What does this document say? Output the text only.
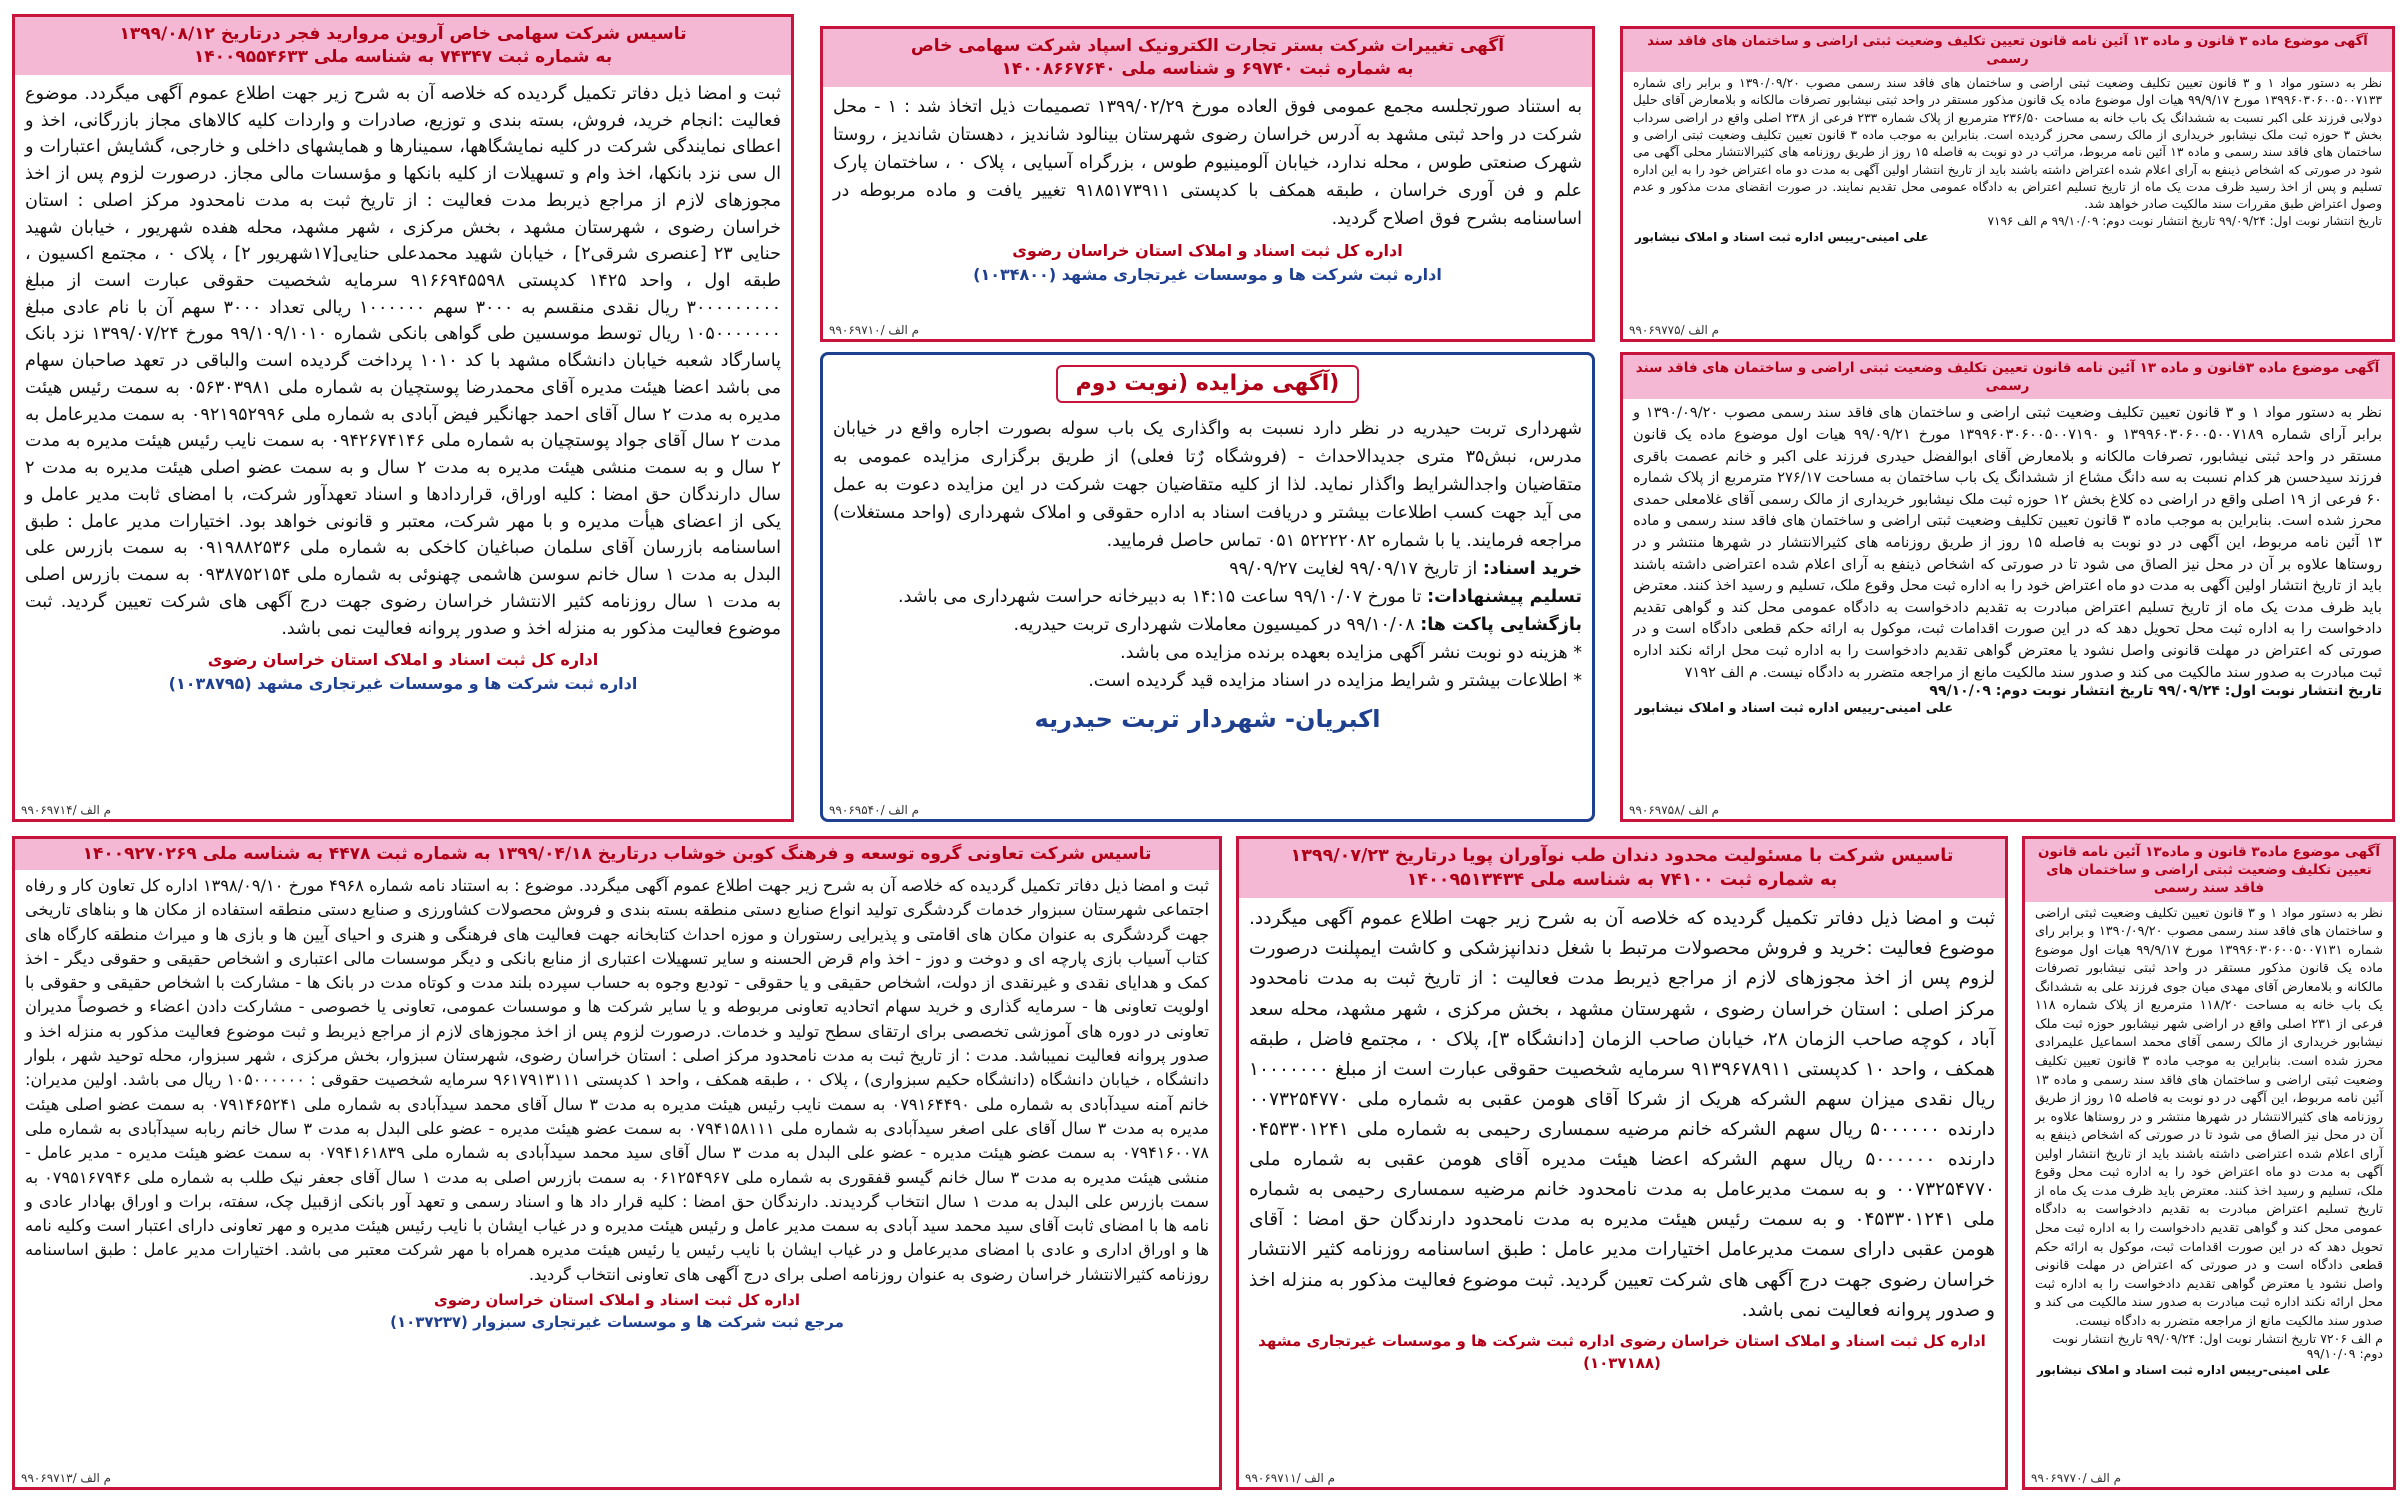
تاسیس شرکت سهامی خاص آروین مرواريد فجر درتاريخ ۱۳۹۹/۰۸/۱۲
به شماره ثبت ۷۴۳۴۷ به شناسه ملی ۱۴۰۰۹۵۵۴۶۳۳

ثبت و امضا ذیل دفاتر تکمیل گردیده که خلاصه آن به شرح زیر جهت اطلاع عموم آگهی میگردد. موضوع فعالیت :انجام خرید، فروش، بسته بندی و توزیع، صادرات و واردات کلیه کالاهای مجاز بازرگانی، اخذ و اعطای نمایندگی شرکت در کلیه نمایشگاهها، سمینارها و همایشهای داخلی و خارجی، گشایش اعتبارات و ال سی نزد بانکها، اخذ وام و تسهیلات از کلیه بانکها و مؤسسات مالی مجاز. درصورت لزوم پس از اخذ مجوزهای لازم از مراجع ذیربط مدت فعالیت : از تاریخ ثبت به مدت نامحدود مرکز اصلی : استان خراسان رضوی ، شهرستان مشهد ، بخش مرکزی ، شهر مشهد، محله هفده شهریور ، خیابان شهید حنایی ۲۳ [عنصری شرقی۲] ، خیابان شهید محمدعلی حنایی[۱۷شهریور ۲] ، پلاک ۰ ، مجتمع اکسیون ، طبقه اول ، واحد ۱۴۲۵ کدپستی ۹۱۶۶۹۴۵۵۹۸ سرمایه شخصیت حقوقی عبارت است از مبلغ ۳۰۰۰۰۰۰۰۰۰ ریال نقدی منقسم به ۳۰۰۰ سهم ۱۰۰۰۰۰۰ ریالی تعداد ۳۰۰۰ سهم آن با نام عادی مبلغ ۱۰۵۰۰۰۰۰۰۰ ریال توسط موسسین طی گواهی بانکی شماره ۹۹/۱۰۹/۱۰۱۰ مورخ ۱۳۹۹/۰۷/۲۴ نزد بانک پاسارگاد شعبه خیابان دانشگاه مشهد با کد ۱۰۱۰ پرداخت گردیده است والباقی در تعهد صاحبان سهام می باشد اعضا هیئت مدیره آقای محمدرضا پوستچیان به شماره ملی ۰۵۶۳۰۳۹۸۱ به سمت رئیس هیئت مدیره به مدت ۲ سال آقای احمد جهانگیر فیض آبادی به شماره ملی ۰۹۲۱۹۵۲۹۹۶ به سمت مدیرعامل به مدت ۲ سال آقای جواد پوستچیان به شماره ملی ۰۹۴۲۶۷۴۱۴۶ به سمت نایب رئیس هیئت مدیره به مدت ۲ سال و به سمت منشی هیئت مدیره به مدت ۲ سال و به سمت عضو اصلی هیئت مدیره به مدت ۲ سال دارندگان حق امضا : کلیه اوراق، قراردادها و اسناد تعهدآور شرکت، با امضای ثابت مدیر عامل و یکی از اعضای هیأت مدیره و با مهر شرکت، معتبر و قانونی خواهد بود. اختیارات مدیر عامل : طبق اساسنامه بازرسان آقای سلمان صباغیان کاخکی به شماره ملی ۰۹۱۹۸۸۲۵۳۶ به سمت بازرس علی البدل به مدت ۱ سال خانم سوسن هاشمی چهنوئی به شماره ملی ۰۹۳۸۷۵۲۱۵۴ به سمت بازرس اصلی به مدت ۱ سال روزنامه کثیر الانتشار خراسان رضوی جهت درج آگهی های شرکت تعیین گردید. ثبت موضوع فعالیت مذکور به منزله اخذ و صدور پروانه فعالیت نمی باشد.

اداره کل ثبت اسناد و املاک استان خراسان رضوی
اداره ثبت شرکت ها و موسسات غیرتجاری مشهد (۱۰۳۸۷۹۵)
۹۹۰۶۹۷۱۴/ م الف
آگهی تغییرات شرکت بستر تجارت الکترونیک اسپاد شرکت سهامی خاص
به شماره ثبت ۶۹۷۴۰ و شناسه ملی ۱۴۰۰۸۶۶۷۶۴۰

به استناد صورتجلسه مجمع عمومی فوق العاده مورخ ۱۳۹۹/۰۲/۲۹ تصمیمات ذیل اتخاذ شد : ۱ - محل شرکت در واحد ثبتی مشهد به آدرس خراسان رضوی شهرستان بینالود شاندیز ، دهستان شاندیز ، روستا شهرک صنعتی طوس ، محله ندارد، خیابان آلومینیوم طوس ، بزرگراه آسیایی ، پلاک ۰ ، ساختمان پارک علم و فن آوری خراسان ، طبقه همکف با کدپستی ۹۱۸۵۱۷۳۹۱۱ تغییر یافت و ماده مربوطه در اساسنامه بشرح فوق اصلاح گردید.

اداره کل ثبت اسناد و املاک استان خراسان رضوی
اداره ثبت شرکت ها و موسسات غیرتجاری مشهد (۱۰۳۴۸۰۰)
۹۹۰۶۹۷۱۰/ م الف
(آگهی مزایده (نوبت دوم

شهرداری تربت حیدریه در نظر دارد نسبت به واگذاری یک باب سوله بصورت اجاره واقع در خیابان مدرس، نبش۳۵ متری جدیدالاحداث - (فروشگاه رٌتا فعلی) از طریق برگزاری مزایده عمومی به متقاضیان واجدالشرایط واگذار نماید. لذا از کلیه متقاضیان جهت شرکت در این مزایده دعوت به عمل می آید جهت کسب اطلاعات بیشتر و دریافت اسناد به اداره حقوقی و املاک شهرداری (واحد مستغلات) مراجعه فرمایند. یا با شماره ۵۲۲۲۲۰۸۲ ۰۵۱ تماس حاصل فرمایید.

خرید اسناد: از تاریخ ۹۹/۰۹/۱۷ لغایت ۹۹/۰۹/۲۷

تسلیم پیشنهادات: تا مورخ ۹۹/۱۰/۰۷ ساعت ۱۴:۱۵ به دبیرخانه حراست شهرداری می باشد.

بازگشایی پاکت ها: ۹۹/۱۰/۰۸ در کمیسیون معاملات شهرداری تربت حیدریه.

* هزینه دو نوبت نشر آگهی مزایده بعهده برنده مزایده می باشد.

* اطلاعات بیشتر و شرایط مزایده در اسناد مزایده قید گردیده است.

اکبریان- شهردار تربت حیدریه
۹۹۰۶۹۵۴۰/ م الف
آگهی موضوع ماده ۳ قانون و ماده ۱۳ آئین نامه قانون تعیین تکلیف وضعیت ثبتی اراضی و ساختمان های فاقد سند رسمی

نظر به دستور مواد ۱ و ۳ قانون تعیین تکلیف وضعیت ثبتی اراضی و ساختمان های فاقد سند رسمی مصوب ۱۳۹۰/۰۹/۲۰ و برابر رای شماره ۱۳۹۹۶۰۳۰۶۰۰۵۰۰۷۱۳۳ مورخ ۹۹/۹/۱۷ هیات اول موضوع ماده یک قانون مذکور مستقر در واحد ثبتی نیشابور تصرفات مالکانه و بلامعارض آقای حلیل دولابی فرزند علی اکبر نسبت به ششدانگ یک باب خانه به مساحت ۲۳۶/۵۰ مترمربع از پلاک شماره ۲۳۳ فرعی از ۲۳۸ اصلی واقع در اراضی سرداب بخش ۳ حوزه ثبت ملک نیشابور خریداری از مالک رسمی محرز گردیده است. بنابراین به موجب ماده ۳ قانون تعیین تکلیف وضعیت ثبتی اراضی و ساختمان های فاقد سند رسمی و ماده ۱۳ آئین نامه مربوط، مراتب در دو نوبت به فاصله ۱۵ روز از طریق روزنامه های کثیرالانتشار محلی آگهی می شود در صورتی که اشخاص ذینفع به آرای اعلام شده اعتراض داشته باشند باید از تاریخ انتشار اولین آگهی به مدت دو ماه اعتراض خود را به این اداره تسلیم و پس از اخذ رسید ظرف مدت یک ماه از تاریخ تسلیم اعتراض به دادگاه عمومی محل تقدیم نمایند. در صورت انقضای مدت مذکور و عدم وصول اعتراض طبق مقررات سند مالکیت صادر خواهد شد.

تاریخ انتشار نوبت اول: ۹۹/۰۹/۲۴ تاریخ انتشار نوبت دوم: ۹۹/۱۰/۰۹ م الف ۷۱۹۶
علی امینی-رییس اداره ثبت اسناد و املاک نیشابور
۹۹۰۶۹۷۷۵/ م الف
آگهی موضوع ماده ۳قانون و ماده ۱۳ آئین نامه قانون تعیین تکلیف وضعیت ثبتی اراضی و ساختمان های فاقد سند رسمی

نظر به دستور مواد ۱ و ۳ قانون تعیین تکلیف وضعیت ثبتی اراضی و ساختمان های فاقد سند رسمی مصوب ۱۳۹۰/۰۹/۲۰ و برابر آرای شماره ۱۳۹۹۶۰۳۰۶۰۰۵۰۰۷۱۸۹ و ۱۳۹۹۶۰۳۰۶۰۰۵۰۰۷۱۹۰ مورخ ۹۹/۰۹/۲۱ هیات اول موضوع ماده یک قانون مستقر در واحد ثبتی نیشابور، تصرفات مالکانه و بلامعارض آقای ابوالفضل حیدری فرزند علی اکبر و خانم عصمت باقری فرزند سیدحسن هر کدام نسبت به سه دانگ مشاع از ششدانگ یک باب ساختمان به مساحت ۲۷۶/۱۷ مترمربع از پلاک شماره ۶۰ فرعی از ۱۹ اصلی واقع در اراضی ده کلاغ بخش ۱۲ حوزه ثبت ملک نیشابور خریداری از مالک رسمی آقای غلامعلی حمدی محرز شده است. بنابراین به موجب ماده ۳ قانون تعیین تکلیف وضعیت ثبتی اراضی و ساختمان های فاقد سند رسمی و ماده ۱۳ آئین نامه مربوط، این آگهی در دو نوبت به فاصله ۱۵ روز از طریق روزنامه های کثیرالانتشار در شهرها منتشر و در روستاها علاوه بر آن در محل نیز الصاق می شود تا در صورتی که اشخاص ذینفع به آرای اعلام شده اعتراضی داشته باشند باید از تاریخ انتشار اولین آگهی به مدت دو ماه اعتراض خود را به اداره ثبت محل وقوع ملک، تسلیم و رسید اخذ کنند. معترض باید ظرف مدت یک ماه از تاریخ تسلیم اعتراض مبادرت به تقدیم دادخواست به دادگاه عمومی محل کند و گواهی تقدیم دادخواست را به اداره ثبت محل تحویل دهد که در این صورت اقدامات ثبت، موکول به ارائه حکم قطعی دادگاه است و در صورتی که اعتراض در مهلت قانونی واصل نشود یا معترض گواهی تقدیم دادخواست را به اداره ثبت محل ارائه نکند اداره ثبت مبادرت به صدور سند مالکیت می کند و صدور سند مالکیت مانع از مراجعه متضرر به دادگاه نیست. م الف ۷۱۹۲

تاریخ انتشار نوبت اول: ۹۹/۰۹/۲۴ تاریخ انتشار نوبت دوم: ۹۹/۱۰/۰۹
علی امینی-رییس اداره ثبت اسناد و املاک نیشابور
۹۹۰۶۹۷۵۸/ م الف
تاسیس شرکت تعاونی گروه توسعه و فرهنگ کوبن خوشاب درتاريخ ۱۳۹۹/۰۴/۱۸ به شماره ثبت ۴۴۷۸ به شناسه ملی ۱۴۰۰۹۲۷۰۲۶۹

ثبت و امضا ذیل دفاتر تکمیل گردیده که خلاصه آن به شرح زیر جهت اطلاع عموم آگهی میگردد. موضوع : به استناد نامه شماره ۴۹۶۸ مورخ ۱۳۹۸/۰۹/۱۰ اداره کل تعاون کار و رفاه اجتماعی شهرستان سبزوار خدمات گردشگری تولید انواع صنایع دستی منطقه بسته بندی و فروش محصولات کشاورزی و صنایع دستی منطقه استفاده از مکان ها و بناهای تاریخی جهت گردشگری به عنوان مکان های اقامتی و پذیرایی رستوران و موزه احداث کتابخانه جهت فعالیت های فرهنگی و هنری و احیای آیین ها و بازی ها و میراث منطقه کارگاه های کتاب آسیاب بازی پارچه ای و دوخت و دوز - اخذ وام قرض الحسنه و سایر تسهیلات اعتباری از منابع بانکی و دیگر موسسات مالی اعتباری و اشخاص حقیقی و حقوقی دیگر - اخذ کمک و هدایای نقدی و غیرنقدی از دولت، اشخاص حقیقی و یا حقوقی - تودیع وجوه به حساب سپرده بلند مدت و کوتاه مدت در بانک ها - مشارکت با اشخاص حقیقی و حقوقی با اولویت تعاونی ها - سرمایه گذاری و خرید سهام اتحادیه تعاونی مربوطه و یا سایر شرکت ها و موسسات عمومی، تعاونی یا خصوصی - مشارکت دادن اعضاء و خصوصاً مدیران تعاونی در دوره های آموزشی تخصصی برای ارتقای سطح تولید و خدمات. درصورت لزوم پس از اخذ مجوزهای لازم از مراجع ذیربط و ثبت موضوع فعالیت مذکور به منزله اخذ و صدور پروانه فعالیت نمیباشد. مدت : از تاریخ ثبت به مدت نامحدود مرکز اصلی : استان خراسان رضوی، شهرستان سبزوار، بخش مرکزی ، شهر سبزوار، محله توحید شهر ، بلوار دانشگاه ، خیابان دانشگاه (دانشگاه حکیم سبزواری) ، پلاک ۰ ، طبقه همکف ، واحد ۱ کدپستی ۹۶۱۷۹۱۳۱۱۱ سرمایه شخصیت حقوقی : ۱۰۵۰۰۰۰۰۰ ریال می باشد. اولین مدیران: خانم آمنه سیدآبادی به شماره ملی ۰۷۹۱۶۴۴۹۰ به سمت نایب رئیس هیئت مدیره به مدت ۳ سال آقای محمد سیدآبادی به شماره ملی ۰۷۹۱۴۶۵۲۴۱ به سمت عضو اصلی هیئت مدیره به مدت ۳ سال آقای علی اصغر سیدآبادی به شماره ملی ۰۷۹۴۱۵۸۱۱۱ به سمت عضو هیئت مدیره - عضو علی البدل به مدت ۳ سال خانم ربابه سیدآبادی به شماره ملی ۰۷۹۴۱۶۰۰۷۸ به سمت عضو هیئت مدیره - عضو علی البدل به مدت ۳ سال آقای سید محمد سیدآبادی به شماره ملی ۰۷۹۴۱۶۱۸۳۹ به سمت عضو هیئت مدیره - مدیر عامل - منشی هیئت مدیره به مدت ۳ سال خانم گیسو قفقوری به شماره ملی ۰۶۱۲۵۴۹۶۷ به سمت بازرس اصلی به مدت ۱ سال آقای جعفر نیک طلب به شماره ملی ۰۷۹۵۱۶۷۹۴۶ به سمت بازرس علی البدل به مدت ۱ سال انتخاب گردیدند. دارندگان حق امضا : کلیه قرار داد ها و اسناد رسمی و تعهد آور بانکی ازقبیل چک، سفته، برات و اوراق بهادار عادی و نامه ها با امضای ثابت آقای سید محمد سید آبادی به سمت مدیر عامل و رئیس هیئت مدیره و در غیاب ایشان با نایب رئیس هیئت مدیره و مهر تعاونی دارای اعتبار است وکلیه نامه ها و اوراق اداری و عادی با امضای مدیرعامل و در غیاب ایشان با نایب رئیس یا رئیس هیئت مدیره همراه با مهر شرکت معتبر می باشد. اختیارات مدیر عامل : طبق اساسنامه روزنامه کثیرالانتشار خراسان رضوی به عنوان روزنامه اصلی برای درج آگهی های تعاونی انتخاب گردید.

اداره کل ثبت اسناد و املاک استان خراسان رضوی
مرجع ثبت شرکت ها و موسسات غیرتجاری سبزوار (۱۰۳۷۲۳۷)
۹۹۰۶۹۷۱۳/ م الف
تاسیس شرکت با مسئولیت محدود دندان طب نوآوران پویا درتاريخ ۱۳۹۹/۰۷/۲۳
به شماره ثبت ۷۴۱۰۰ به شناسه ملی ۱۴۰۰۹۵۱۳۴۳۴

ثبت و امضا ذیل دفاتر تکمیل گردیده که خلاصه آن به شرح زیر جهت اطلاع عموم آگهی میگردد. موضوع فعالیت :خرید و فروش محصولات مرتبط با شغل دندانپزشکی و کاشت ایمپلنت درصورت لزوم پس از اخذ مجوزهای لازم از مراجع ذیربط مدت فعالیت : از تاریخ ثبت به مدت نامحدود مرکز اصلی : استان خراسان رضوی ، شهرستان مشهد ، بخش مرکزی ، شهر مشهد، محله سعد آباد ، کوچه صاحب الزمان ۲۸، خیابان صاحب الزمان [دانشگاه ۳]، پلاک ۰ ، مجتمع فاضل ، طبقه همکف ، واحد ۱۰ کدپستی ۹۱۳۹۶۷۸۹۱۱ سرمایه شخصیت حقوقی عبارت است از مبلغ ۱۰۰۰۰۰۰۰ ریال نقدی میزان سهم الشرکه هریک از شرکا آقای هومن عقبی به شماره ملی ۰۰۷۳۲۵۴۷۷۰ دارنده ۵۰۰۰۰۰۰ ریال سهم الشرکه خانم مرضیه سمساری رحیمی به شماره ملی ۰۴۵۳۳۰۱۲۴۱ دارنده ۵۰۰۰۰۰۰ ریال سهم الشرکه اعضا هیئت مدیره آقای هومن عقبی به شماره ملی ۰۰۷۳۲۵۴۷۷۰ و به سمت مدیرعامل به مدت نامحدود خانم مرضیه سمساری رحیمی به شماره ملی ۰۴۵۳۳۰۱۲۴۱ و به سمت رئیس هیئت مدیره به مدت نامحدود دارندگان حق امضا : آقای هومن عقبی دارای سمت مدیرعامل اختیارات مدیر عامل : طبق اساسنامه روزنامه کثیر الانتشار خراسان رضوی جهت درج آگهی های شرکت تعیین گردید. ثبت موضوع فعالیت مذکور به منزله اخذ و صدور پروانه فعالیت نمی باشد.

اداره کل ثبت اسناد و املاک استان خراسان رضوی اداره ثبت شرکت ها و موسسات غیرتجاری مشهد (۱۰۳۷۱۸۸)
۹۹۰۶۹۷۱۱/ م الف
آگهی موضوع ماده۳ قانون و ماده۱۳ آئین نامه قانون تعیین تکلیف وضعیت ثبتی اراضی و ساختمان های فاقد سند رسمی

نظر به دستور مواد ۱ و ۳ قانون تعیین تکلیف وضعیت ثبتی اراضی و ساختمان های فاقد سند رسمی مصوب ۱۳۹۰/۰۹/۲۰ و برابر رای شماره ۱۳۹۹۶۰۳۰۶۰۰۵۰۰۷۱۳۱ مورخ ۹۹/۹/۱۷ هیات اول موضوع ماده یک قانون مذکور مستقر در واحد ثبتی نیشابور تصرفات مالکانه و بلامعارض آقای مهدی میان جوی فرزند علی به ششدانگ یک باب خانه به مساحت ۱۱۸/۲۰ مترمربع از پلاک شماره ۱۱۸ فرعی از ۲۳۱ اصلی واقع در اراضی شهر نیشابور حوزه ثبت ملک نیشابور خریداری از مالک رسمی آقای محمد اسماعیل علیمرادی محرز شده است. بنابراین به موجب ماده ۳ قانون تعیین تکلیف وضعیت ثبتی اراضی و ساختمان های فاقد سند رسمی و ماده ۱۳ آئین نامه مربوط، این آگهی در دو نوبت به فاصله ۱۵ روز از طریق روزنامه های کثیرالانتشار در شهرها منتشر و در روستاها علاوه بر آن در محل نیز الصاق می شود تا در صورتی که اشخاص ذینفع به آرای اعلام شده اعتراضی داشته باشند باید از تاریخ انتشار اولین آگهی به مدت دو ماه اعتراض خود را به اداره ثبت محل وقوع ملک، تسلیم و رسید اخذ کنند. معترض باید ظرف مدت یک ماه از تاریخ تسلیم اعتراض مبادرت به تقدیم دادخواست به دادگاه عمومی محل کند و گواهی تقدیم دادخواست را به اداره ثبت محل تحویل دهد که در این صورت اقدامات ثبت، موکول به ارائه حکم قطعی دادگاه است و در صورتی که اعتراض در مهلت قانونی واصل نشود یا معترض گواهی تقدیم دادخواست را به اداره ثبت محل ارائه نکند اداره ثبت مبادرت به صدور سند مالکیت می کند و صدور سند مالکیت مانع از مراجعه متضرر به دادگاه نیست.

م الف ۷۲۰۶ تاریخ انتشار نوبت اول: ۹۹/۰۹/۲۴ تاریخ انتشار نوبت دوم: ۹۹/۱۰/۰۹
علی امینی-رییس اداره ثبت اسناد و املاک نیشابور
۹۹۰۶۹۷۷۰/ م الف
